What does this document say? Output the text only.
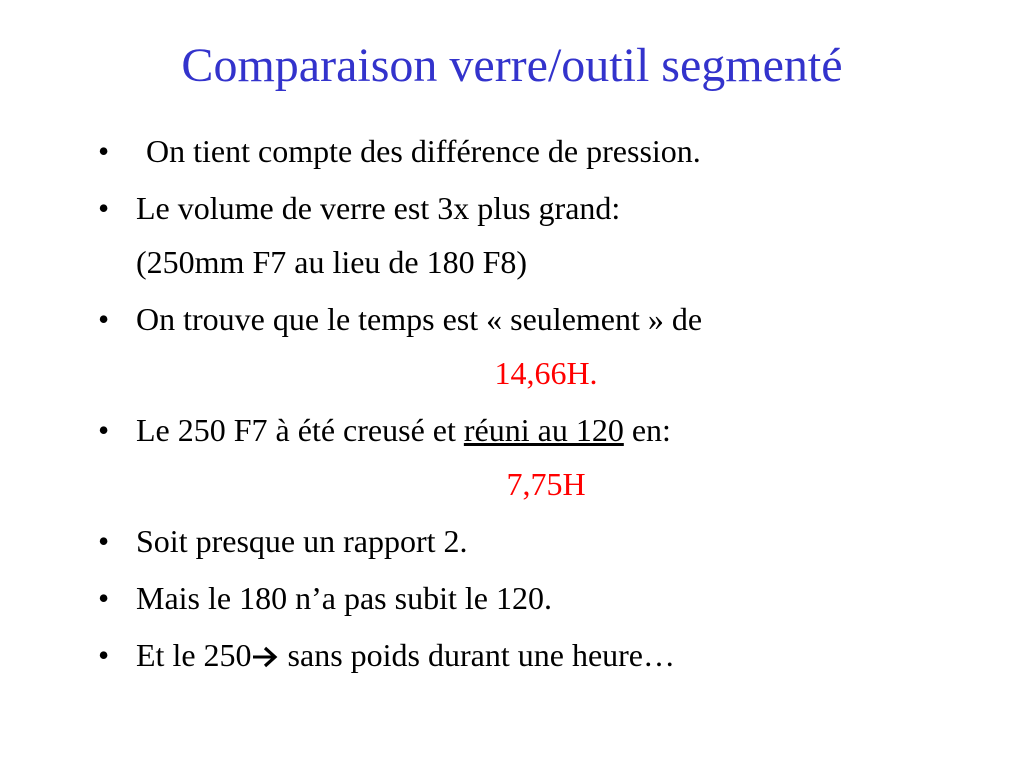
Comparaison verre/outil segmenté
•	On tient compte des différence de pression.
• Le volume de verre est 3x plus grand:
(250mm F7 au lieu de 180 F8)
• On trouve que le temps est « seulement » de
14,66H.
• Le 250 F7 à été creusé et réuni au 120 en:
7,75H
• Soit presque un rapport 2.
• Mais le 180 n’a pas subit le 120.
• Et le 250 sans poids durant une heure…
